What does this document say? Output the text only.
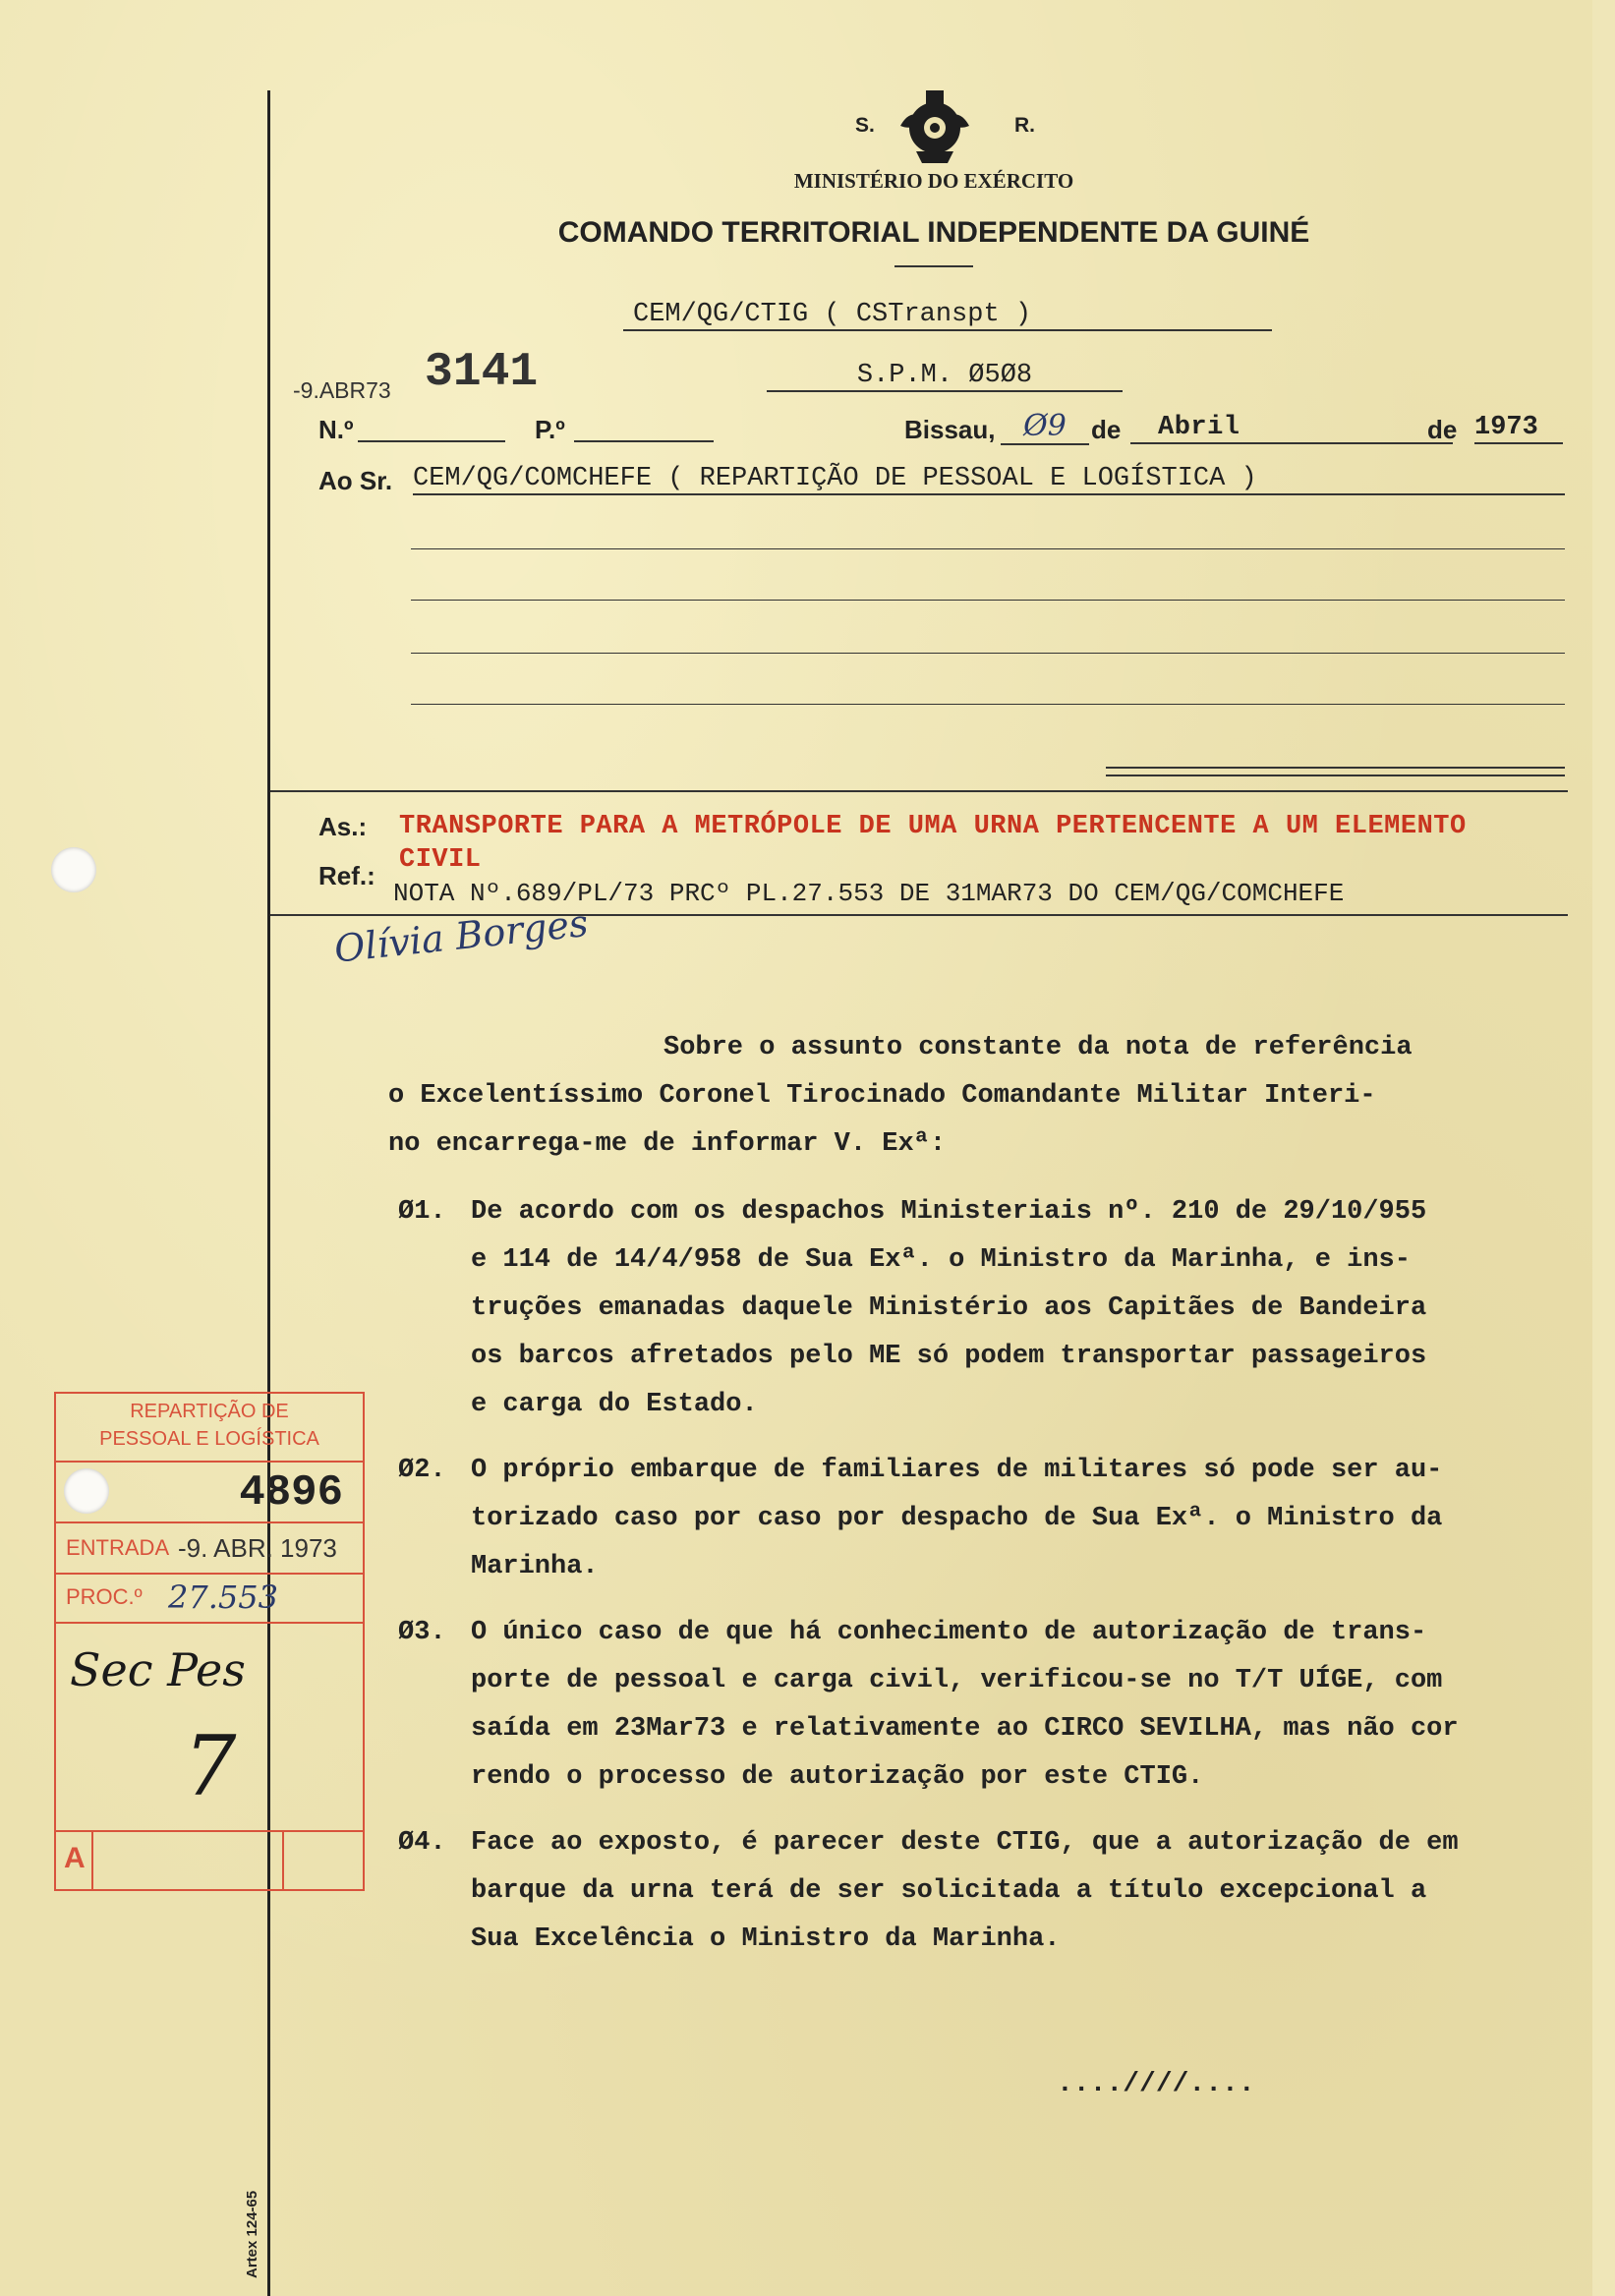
S.	R.
MINISTÉRIO DO EXÉRCITO
COMANDO TERRITORIAL INDEPENDENTE DA GUINÉ
CEM/QG/CTIG ( CSTranspt )
S.P.M. Ø5Ø8
-9.ABR73 3141
N.º	P.º	Bissau, Ø9 de	Abril	de 1973
Ao Sr. CEM/QG/COMCHEFE ( REPARTIÇÃO DE PESSOAL E LOGÍSTICA )
As.: TRANSPORTE PARA A METRÓPOLE DE UMA URNA PERTENCENTE A UM ELEMENTO
CIVIL
Ref.:
NOTA Nº.689/PL/73 PRCº PL.27.553 DE 31MAR73 DO CEM/QG/COMCHEFE
Olívia Borges

Sobre o assunto constante da nota de referência

o Excelentíssimo Coronel Tirocinado Comandante Militar Interi-

no encarrega-me de informar V. Exª:

Ø1. De acordo com os despachos Ministeriais nº. 210 de 29/10/955

e 114 de 14/4/958 de Sua Exª. o Ministro da Marinha, e ins-

truções emanadas daquele Ministério aos Capitães de Bandeira

os barcos afretados pelo ME só podem transportar passageiros

e carga do Estado.

Ø2. O próprio embarque de familiares de militares só pode ser au-

torizado caso por caso por despacho de Sua Exª. o Ministro da

Marinha.

Ø3. O único caso de que há conhecimento de autorização de trans-

porte de pessoal e carga civil, verificou-se no T/T UÍGE, com

saída em 23Mar73 e relativamente ao CIRCO SEVILHA, mas não cor

rendo o processo de autorização por este CTIG.

Ø4. Face ao exposto, é parecer deste CTIG, que a autorização de em

barque da urna terá de ser solicitada a título excepcional a

Sua Excelência o Ministro da Marinha.

....////....
REPARTIÇÃO DE
PESSOAL E LOGÍSTICA
4896
ENTRADA -9. ABR. 1973
PROC.º 27.553
Sec Pes
7
A
Artex 124-65
